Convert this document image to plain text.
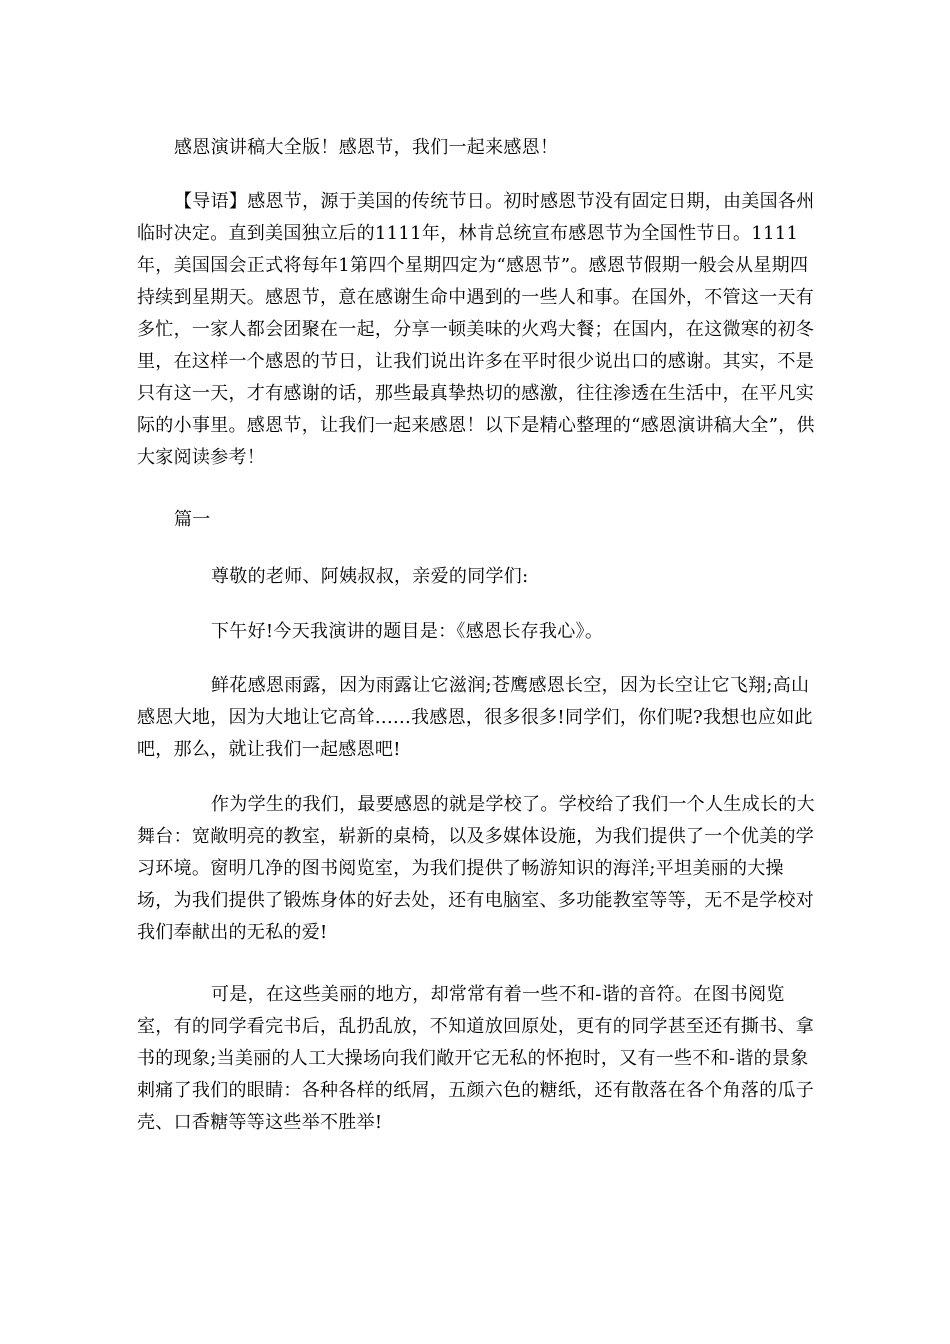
感恩演讲稿大全版！感恩节，我们一起来感恩！

【导语】感恩节，源于美国的传统节日。初时感恩节没有固定日期，由美国各州临时决定。直到美国独立后的1111年，林肯总统宣布感恩节为全国性节日。1111年，美国国会正式将每年1第四个星期四定为“感恩节”。感恩节假期一般会从星期四持续到星期天。感恩节，意在感谢生命中遇到的一些人和事。在国外，不管这一天有多忙，一家人都会团聚在一起，分享一顿美味的火鸡大餐；在国内，在这微寒的初冬里，在这样一个感恩的节日，让我们说出许多在平时很少说出口的感谢。其实，不是只有这一天，才有感谢的话，那些最真挚热切的感激，往往渗透在生活中，在平凡实际的小事里。感恩节，让我们一起来感恩！以下是精心整理的“感恩演讲稿大全”，供大家阅读参考！

篇一

尊敬的老师、阿姨叔叔，亲爱的同学们:

下午好!今天我演讲的题目是：《感恩长存我心》。

鲜花感恩雨露，因为雨露让它滋润;苍鹰感恩长空，因为长空让它飞翔;高山感恩大地，因为大地让它高耸......我感恩，很多很多!同学们，你们呢?我想也应如此吧，那么，就让我们一起感恩吧!

作为学生的我们，最要感恩的就是学校了。学校给了我们一个人生成长的大舞台：宽敞明亮的教室，崭新的桌椅，以及多媒体设施，为我们提供了一个优美的学习环境。窗明几净的图书阅览室，为我们提供了畅游知识的海洋;平坦美丽的大操场，为我们提供了锻炼身体的好去处，还有电脑室、多功能教室等等，无不是学校对我们奉献出的无私的爱!

可是，在这些美丽的地方，却常常有着一些不和-谐的音符。在图书阅览室，有的同学看完书后，乱扔乱放，不知道放回原处，更有的同学甚至还有撕书、拿书的现象;当美丽的人工大操场向我们敞开它无私的怀抱时，又有一些不和-谐的景象刺痛了我们的眼睛：各种各样的纸屑，五颜六色的糖纸，还有散落在各个角落的瓜子壳、口香糖等等这些举不胜举!
